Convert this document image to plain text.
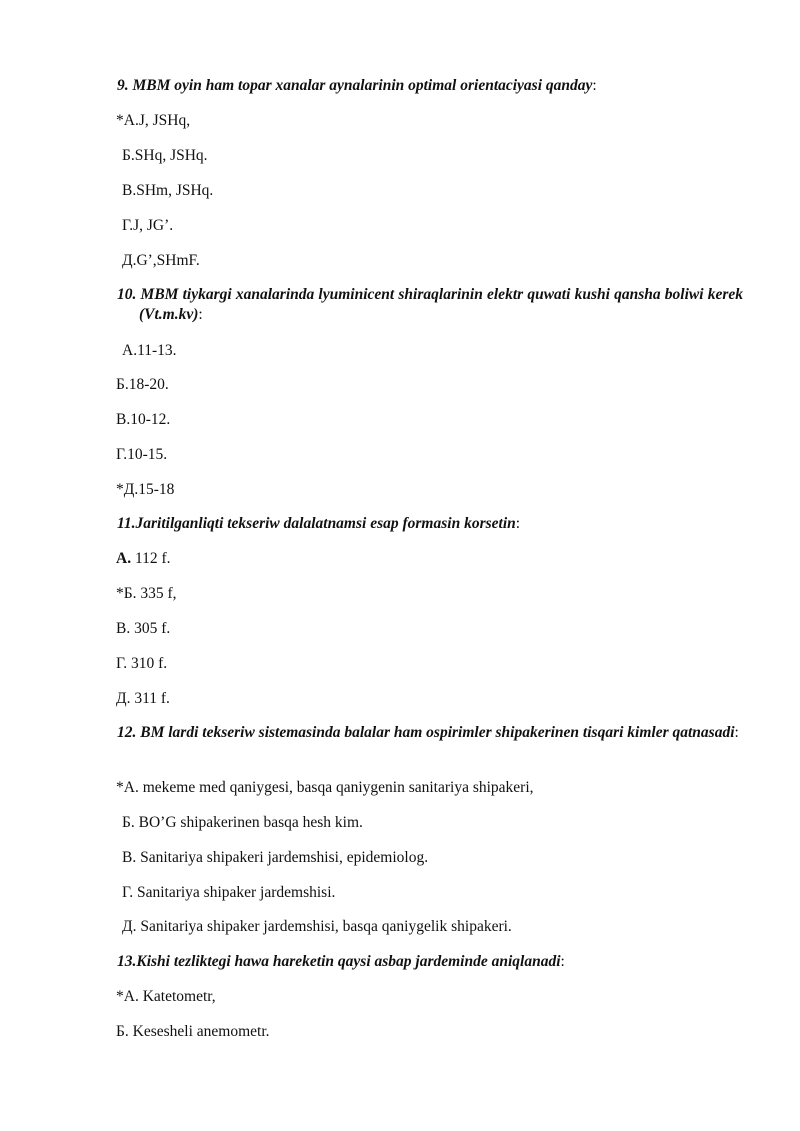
9. MBM oyin ham topar xanalar aynalarinin optimal orientaciyasi qanday:
*A.J, JSHq,
Б.SHq, JSHq.
В.SHm, JSHq.
Г.J, JG’.
Д.G’,SHmF.
10. MBM tiykargi xanalarinda lyuminicent shiraqlarinin elektr quwati kushi qansha boliwi kerek (Vt.m.kv):
A.11-13.
Б.18-20.
В.10-12.
Г.10-15.
*Д.15-18
11.Jaritilganliqti tekseriw dalalatnamsi esap formasin korsetin:
A. 112 f.
*Б. 335 f,
В. 305 f.
Г. 310 f.
Д. 311 f.
12. BM lardi tekseriw sistemasinda balalar ham ospirimler shipakerinen tisqari kimler qatnasadi:
*A. mekeme med qaniygesi, basqa qaniygenin sanitariya shipakeri,
Б. BO’G shipakerinen basqa hesh kim.
В. Sanitariya shipakeri jardemshisi, epidemiolog.
Г. Sanitariya shipaker jardemshisi.
Д. Sanitariya shipaker jardemshisi, basqa qaniygelik shipakeri.
13.Kishi tezliktegi hawa hareketin qaysi asbap jardeminde aniqlanadi:
*A. Katetometr,
Б. Kesesheli anemometr.
